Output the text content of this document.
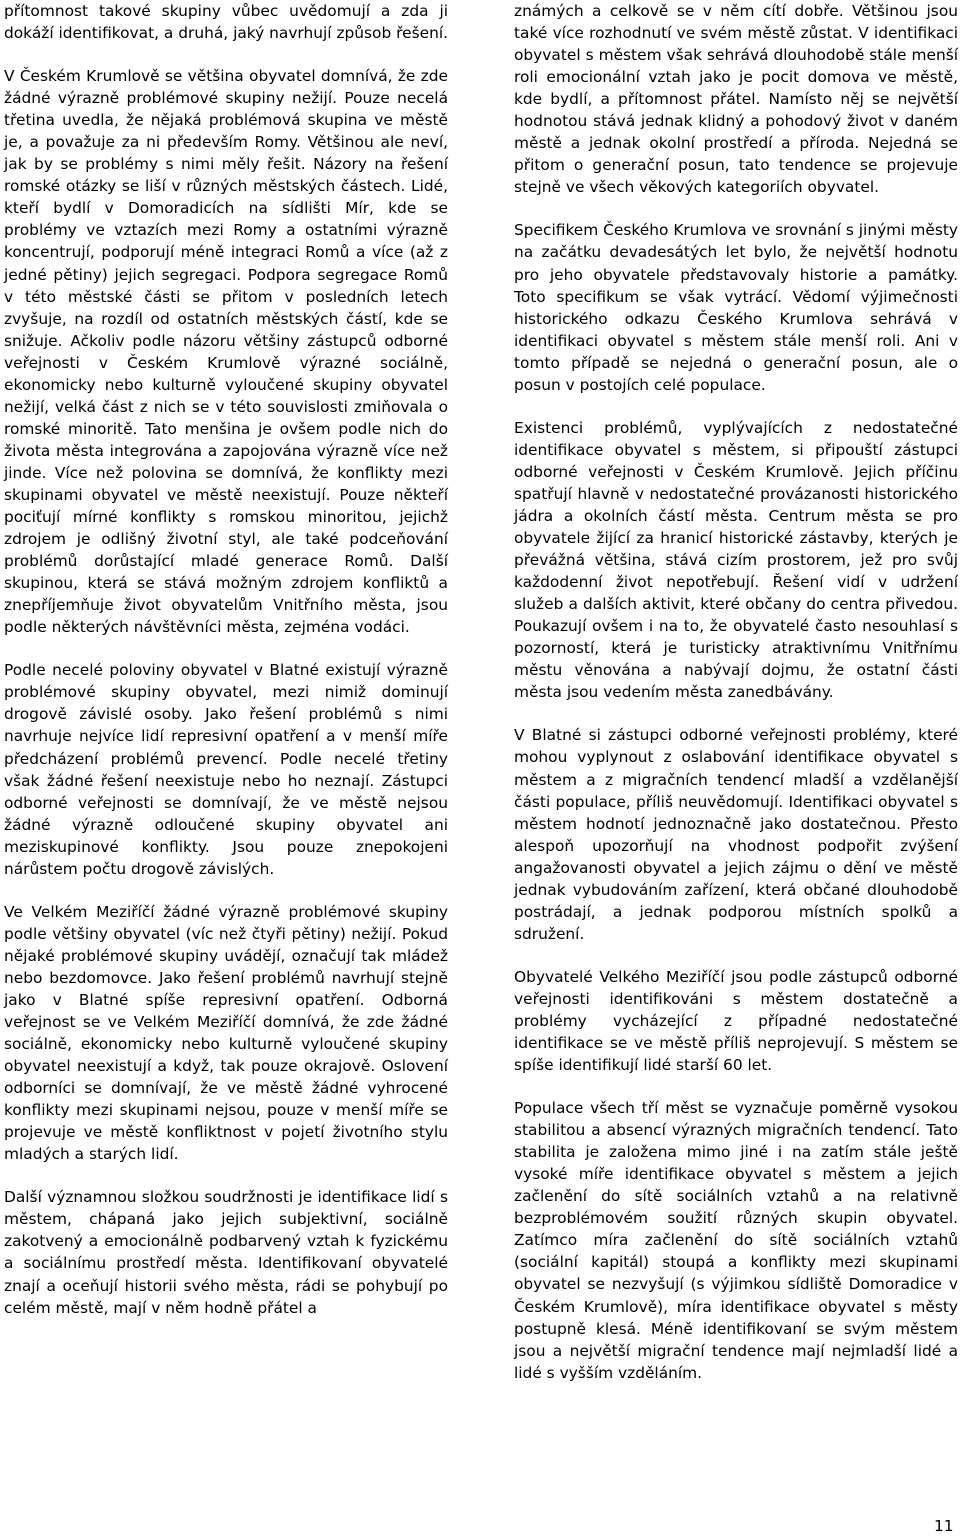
přítomnost takové skupiny vůbec uvědomují a zda ji dokáží identifikovat, a druhá, jaký navrhují způsob řešení.

V Českém Krumlově se většina obyvatel domnívá, že zde žádné výrazně problémové skupiny nežijí. Pouze necelá třetina uvedla, že nějaká problémová skupina ve městě je, a považuje za ni především Romy. Většinou ale neví, jak by se problémy s nimi měly řešit. Názory na řešení romské otázky se liší v různých městských částech. Lidé, kteří bydlí v Domoradicích na sídlišti Mír, kde se problémy ve vztazích mezi Romy a ostatními výrazně koncentrují, podporují méně integraci Romů a více (až z jedné pětiny) jejich segregaci. Podpora segregace Romů v této městské části se přitom v posledních letech zvyšuje, na rozdíl od ostatních městských částí, kde se snižuje. Ačkoliv podle názoru většiny zástupců odborné veřejnosti v Českém Krumlově výrazné sociálně, ekonomicky nebo kulturně vyloučené skupiny obyvatel nežijí, velká část z nich se v této souvislosti zmiňovala o romské minoritě. Tato menšina je ovšem podle nich do života města integrována a zapojována výrazně více než jinde. Více než polovina se domnívá, že konflikty mezi skupinami obyvatel ve městě neexistují. Pouze někteří pociťují mírné konflikty s romskou minoritou, jejichž zdrojem je odlišný životní styl, ale také podceňování problémů dorůstající mladé generace Romů. Další skupinou, která se stává možným zdrojem konfliktů a znepříjemňuje život obyvatelům Vnitřního města, jsou podle některých návštěvníci města, zejména vodáci.

Podle necelé poloviny obyvatel v Blatné existují výrazně problémové skupiny obyvatel, mezi nimiž dominují drogově závislé osoby. Jako řešení problémů s nimi navrhuje nejvíce lidí represivní opatření a v menší míře předcházení problémů prevencí. Podle necelé třetiny však žádné řešení neexistuje nebo ho neznají. Zástupci odborné veřejnosti se domnívají, že ve městě nejsou žádné výrazně odloučené skupiny obyvatel ani meziskupinové konflikty. Jsou pouze znepokojeni nárůstem počtu drogově závislých.

Ve Velkém Meziříčí žádné výrazně problémové skupiny podle většiny obyvatel (víc než čtyři pětiny) nežijí. Pokud nějaké problémové skupiny uvádějí, označují tak mládež nebo bezdomovce. Jako řešení problémů navrhují stejně jako v Blatné spíše represivní opatření. Odborná veřejnost se ve Velkém Meziříčí domnívá, že zde žádné sociálně, ekonomicky nebo kulturně vyloučené skupiny obyvatel neexistují a když, tak pouze okrajově. Oslovení odborníci se domnívají, že ve městě žádné vyhrocené konflikty mezi skupinami nejsou, pouze v menší míře se projevuje ve městě konfliktnost v pojetí životního stylu mladých a starých lidí.

Další významnou složkou soudržnosti je identifikace lidí s městem, chápaná jako jejich subjektivní, sociálně zakotvený a emocionálně podbarvený vztah k fyzickému a sociálnímu prostředí města. Identifikovaní obyvatelé znají a oceňují historii svého města, rádi se pohybují po celém městě, mají v něm hodně přátel a

známých a celkově se v něm cítí dobře. Většinou jsou také více rozhodnutí ve svém městě zůstat. V identifikaci obyvatel s městem však sehrává dlouhodobě stále menší roli emocionální vztah jako je pocit domova ve městě, kde bydlí, a přítomnost přátel. Namísto něj se největší hodnotou stává jednak klidný a pohodový život v daném městě a jednak okolní prostředí a příroda. Nejedná se přitom o generační posun, tato tendence se projevuje stejně ve všech věkových kategoriích obyvatel.

Specifikem Českého Krumlova ve srovnání s jinými městy na začátku devadesátých let bylo, že největší hodnotu pro jeho obyvatele představovaly historie a památky. Toto specifikum se však vytrácí. Vědomí výjimečnosti historického odkazu Českého Krumlova sehrává v identifikaci obyvatel s městem stále menší roli. Ani v tomto případě se nejedná o generační posun, ale o posun v postojích celé populace.

Existenci problémů, vyplývajících z nedostatečné identifikace obyvatel s městem, si připouští zástupci odborné veřejnosti v Českém Krumlově. Jejich příčinu spatřují hlavně v nedostatečné provázanosti historického jádra a okolních částí města. Centrum města se pro obyvatele žijící za hranicí historické zástavby, kterých je převážná většina, stává cizím prostorem, jež pro svůj každodenní život nepotřebují. Řešení vidí v udržení služeb a dalších aktivit, které občany do centra přivedou. Poukazují ovšem i na to, že obyvatelé často nesouhlasí s pozorností, která je turisticky atraktivnímu Vnitřnímu městu věnována a nabývají dojmu, že ostatní části města jsou vedením města zanedbávány.

V Blatné si zástupci odborné veřejnosti problémy, které mohou vyplynout z oslabování identifikace obyvatel s městem a z migračních tendencí mladší a vzdělanější části populace, příliš neuvědomují. Identifikaci obyvatel s městem hodnotí jednoznačně jako dostatečnou. Přesto alespoň upozorňují na vhodnost podpořit zvýšení angažovanosti obyvatel a jejich zájmu o dění ve městě jednak vybudováním zařízení, která občané dlouhodobě postrádají, a jednak podporou místních spolků a sdružení.

Obyvatelé Velkého Meziříčí jsou podle zástupců odborné veřejnosti identifikováni s městem dostatečně a problémy vycházející z případné nedostatečné identifikace se ve městě příliš neprojevují. S městem se spíše identifikují lidé starší 60 let.

Populace všech tří měst se vyznačuje poměrně vysokou stabilitou a absencí výrazných migračních tendencí. Tato stabilita je založena mimo jiné i na zatím stále ještě vysoké míře identifikace obyvatel s městem a jejich začlenění do sítě sociálních vztahů a na relativně bezproblémovém soužití různých skupin obyvatel. Zatímco míra začlenění do sítě sociálních vztahů (sociální kapitál) stoupá a konflikty mezi skupinami obyvatel se nezvyšují (s výjimkou sídliště Domoradice v Českém Krumlově), míra identifikace obyvatel s městy postupně klesá. Méně identifikovaní se svým městem jsou a největší migrační tendence mají nejmladší lidé a lidé s vyšším vzděláním.

11
